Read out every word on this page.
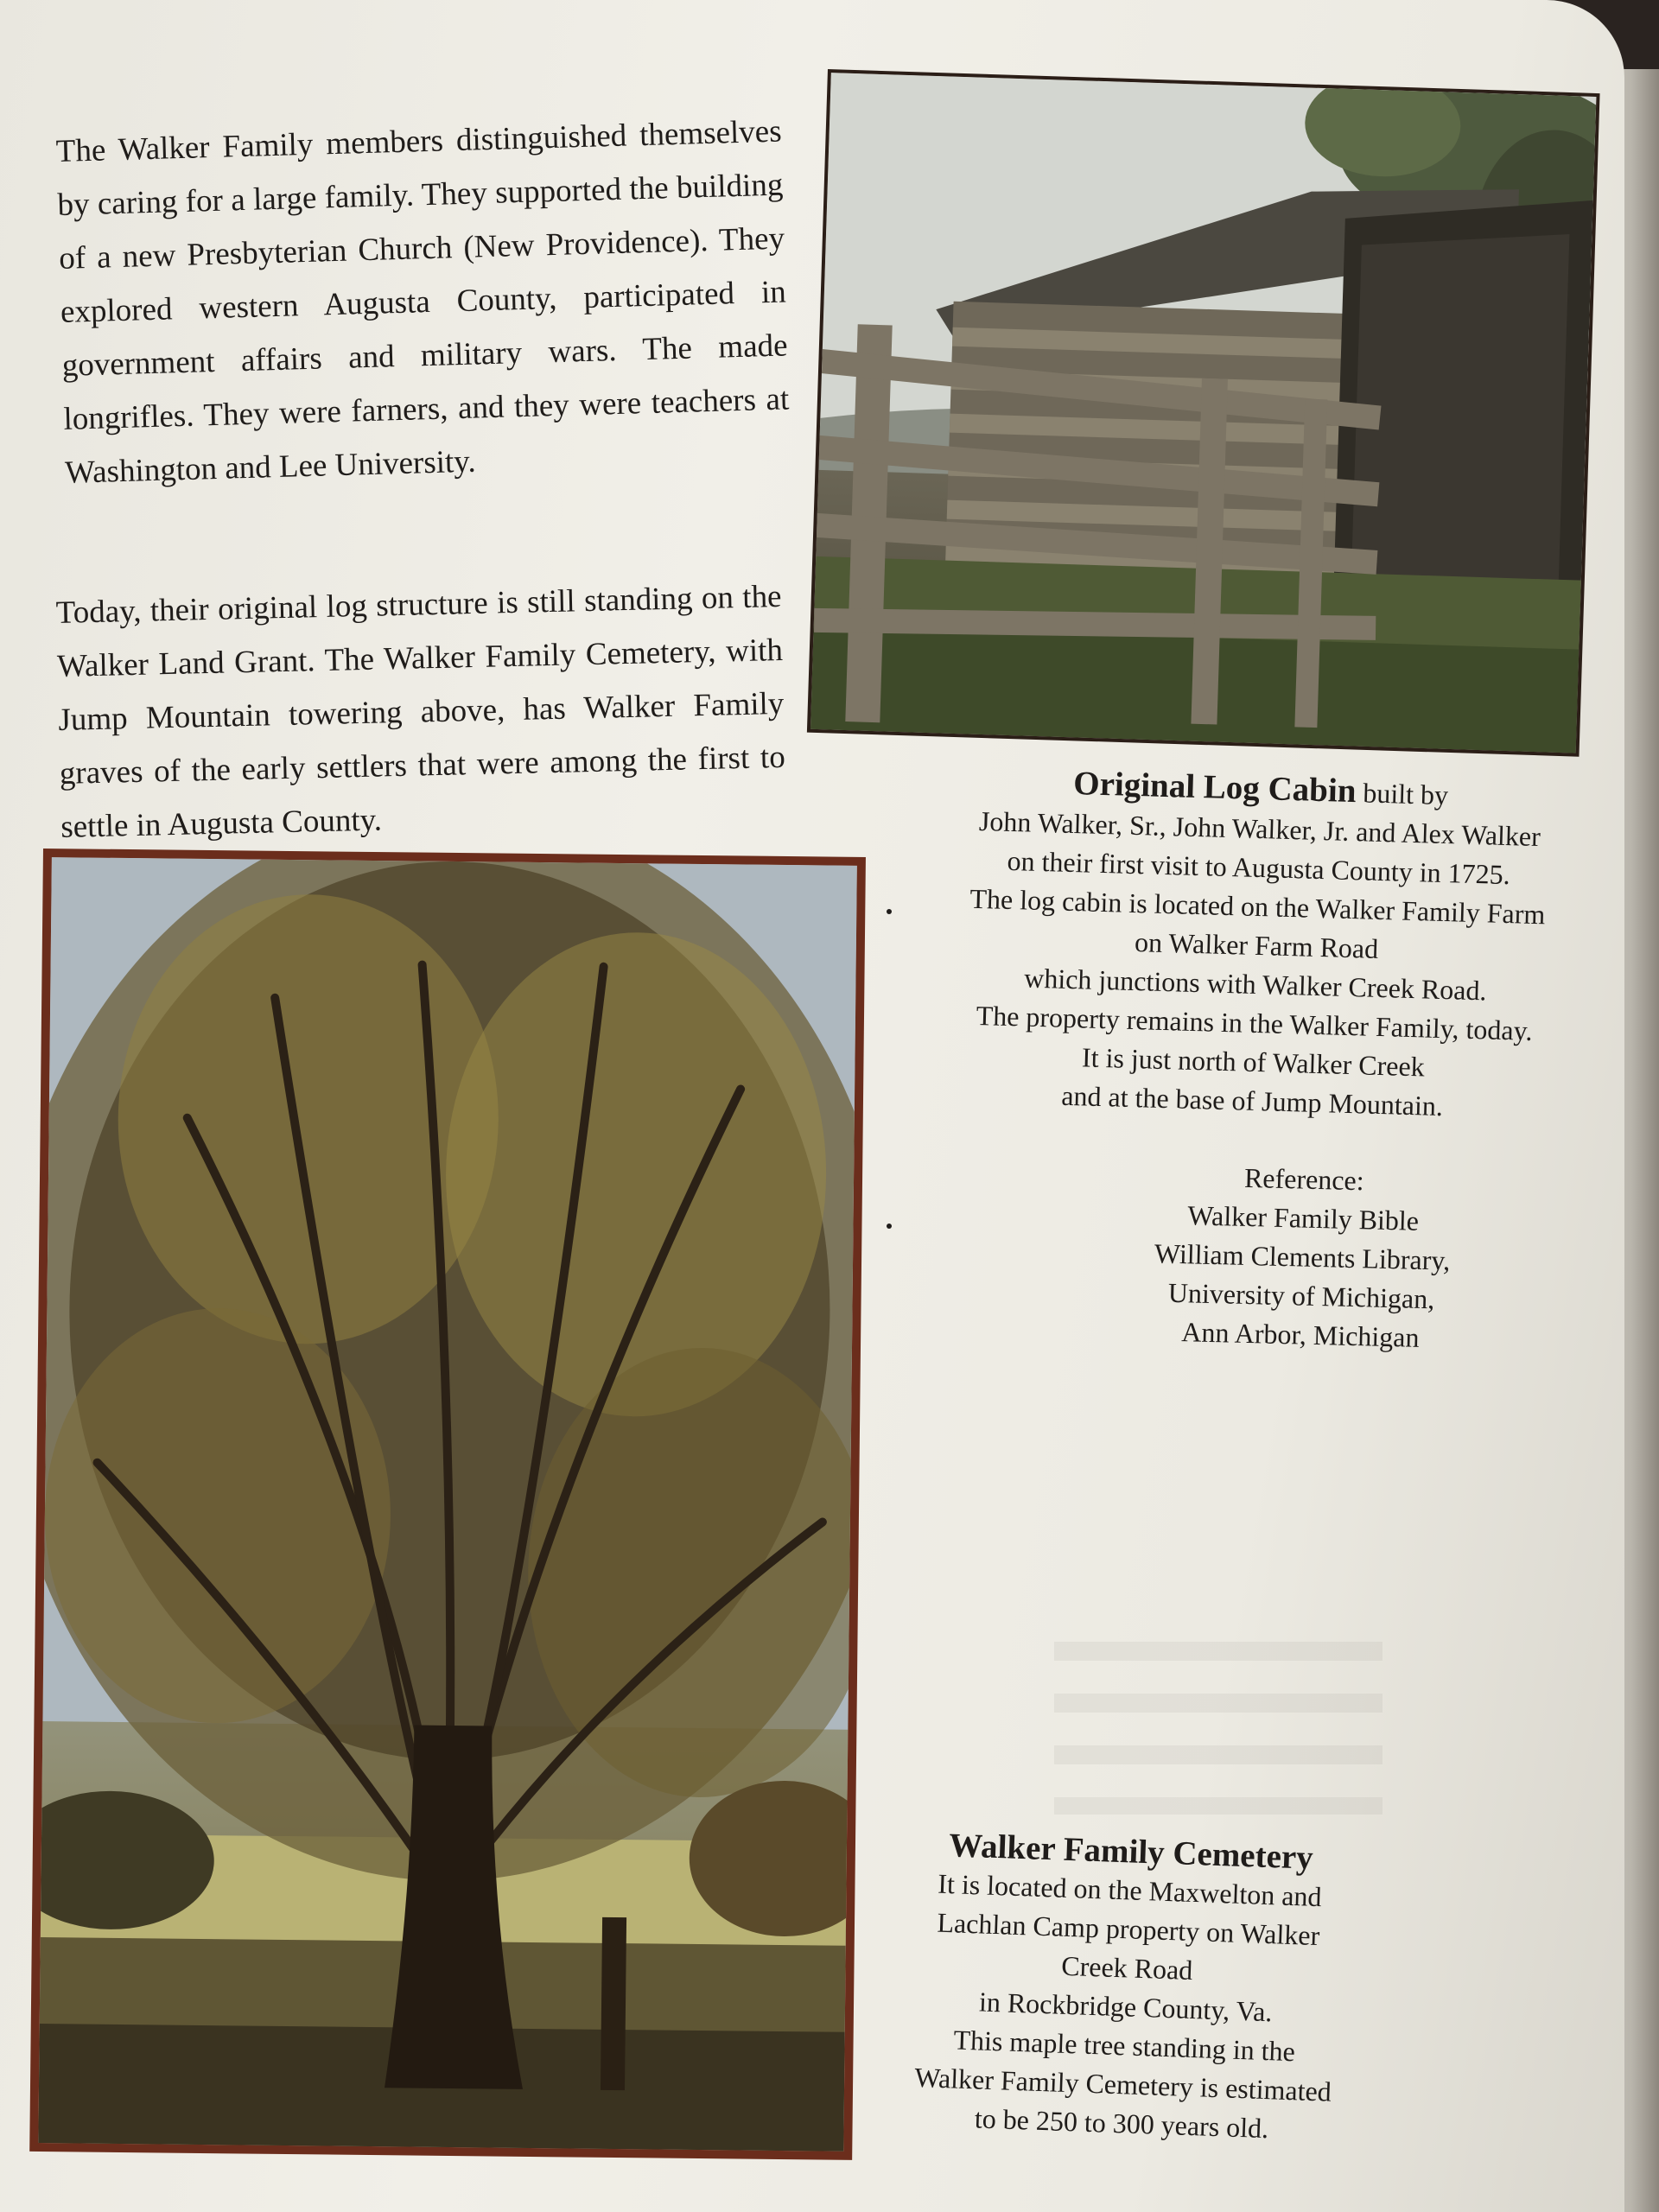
The Walker Family members distinguished themselves by caring for a large family. They supported the building of a new Presbyterian Church (New Providence). They explored western Augusta County, participated in government affairs and military wars. The made longrifles. They were farners, and they were teachers at Washington and Lee University.

Today, their original log structure is still standing on the Walker Land Grant. The Walker Family Cemetery, with Jump Mountain towering above, has Walker Family graves of the early settlers that were among the first to settle in Augusta County.

Original Log Cabin built by
John Walker, Sr., John Walker, Jr. and Alex Walker
on their first visit to Augusta County in 1725.
The log cabin is located on the Walker Family Farm
on Walker Farm Road
which junctions with Walker Creek Road.
The property remains in the Walker Family, today.
It is just north of Walker Creek
and at the base of Jump Mountain.
Reference:
Walker Family Bible
William Clements Library,
University of Michigan,
Ann Arbor, Michigan
Walker Family Cemetery
It is located on the Maxwelton and
Lachlan Camp property on Walker
Creek Road
in Rockbridge County, Va.
This maple tree standing in the
Walker Family Cemetery is estimated
to be 250 to 300 years old.
